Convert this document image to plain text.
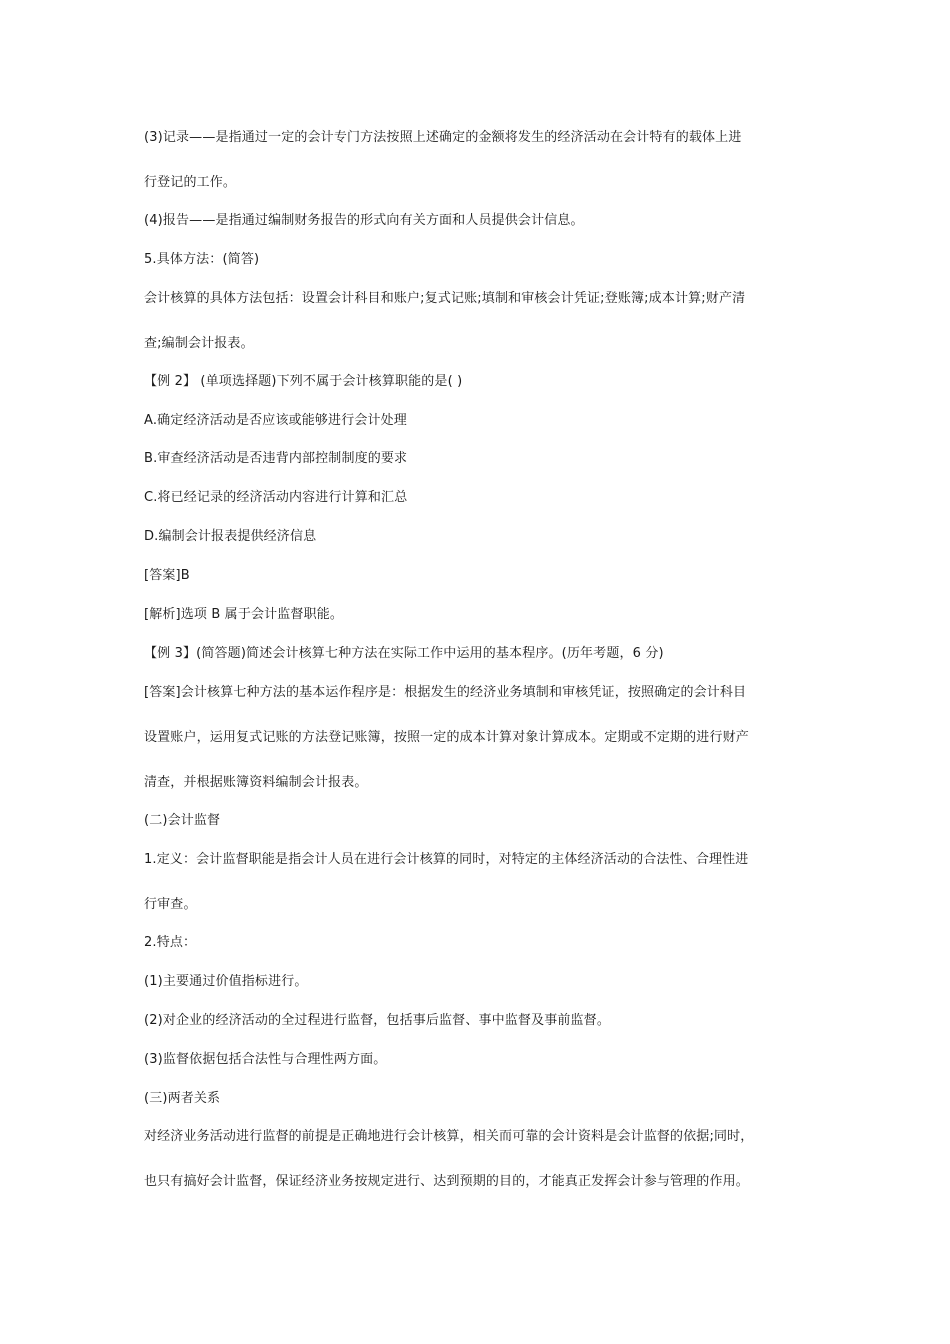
(3)记录——是指通过一定的会计专门方法按照上述确定的金额将发生的经济活动在会计特有的载体上进
行登记的工作。
(4)报告——是指通过编制财务报告的形式向有关方面和人员提供会计信息。
5.具体方法：(简答)
会计核算的具体方法包括：设置会计科目和账户;复式记账;填制和审核会计凭证;登账簿;成本计算;财产清
查;编制会计报表。
【例 2】 (单项选择题)下列不属于会计核算职能的是( )
A.确定经济活动是否应该或能够进行会计处理
B.审查经济活动是否违背内部控制制度的要求
C.将已经记录的经济活动内容进行计算和汇总
D.编制会计报表提供经济信息
[答案]B
[解析]选项 B 属于会计监督职能。
【例 3】(简答题)简述会计核算七种方法在实际工作中运用的基本程序。(历年考题，6 分)
[答案]会计核算七种方法的基本运作程序是：根据发生的经济业务填制和审核凭证，按照确定的会计科目
设置账户，运用复式记账的方法登记账簿，按照一定的成本计算对象计算成本。定期或不定期的进行财产
清查，并根据账簿资料编制会计报表。
(二)会计监督
1.定义：会计监督职能是指会计人员在进行会计核算的同时，对特定的主体经济活动的合法性、合理性进
行审查。
2.特点：
(1)主要通过价值指标进行。
(2)对企业的经济活动的全过程进行监督，包括事后监督、事中监督及事前监督。
(3)监督依据包括合法性与合理性两方面。
(三)两者关系
对经济业务活动进行监督的前提是正确地进行会计核算，相关而可靠的会计资料是会计监督的依据;同时，
也只有搞好会计监督，保证经济业务按规定进行、达到预期的目的，才能真正发挥会计参与管理的作用。
